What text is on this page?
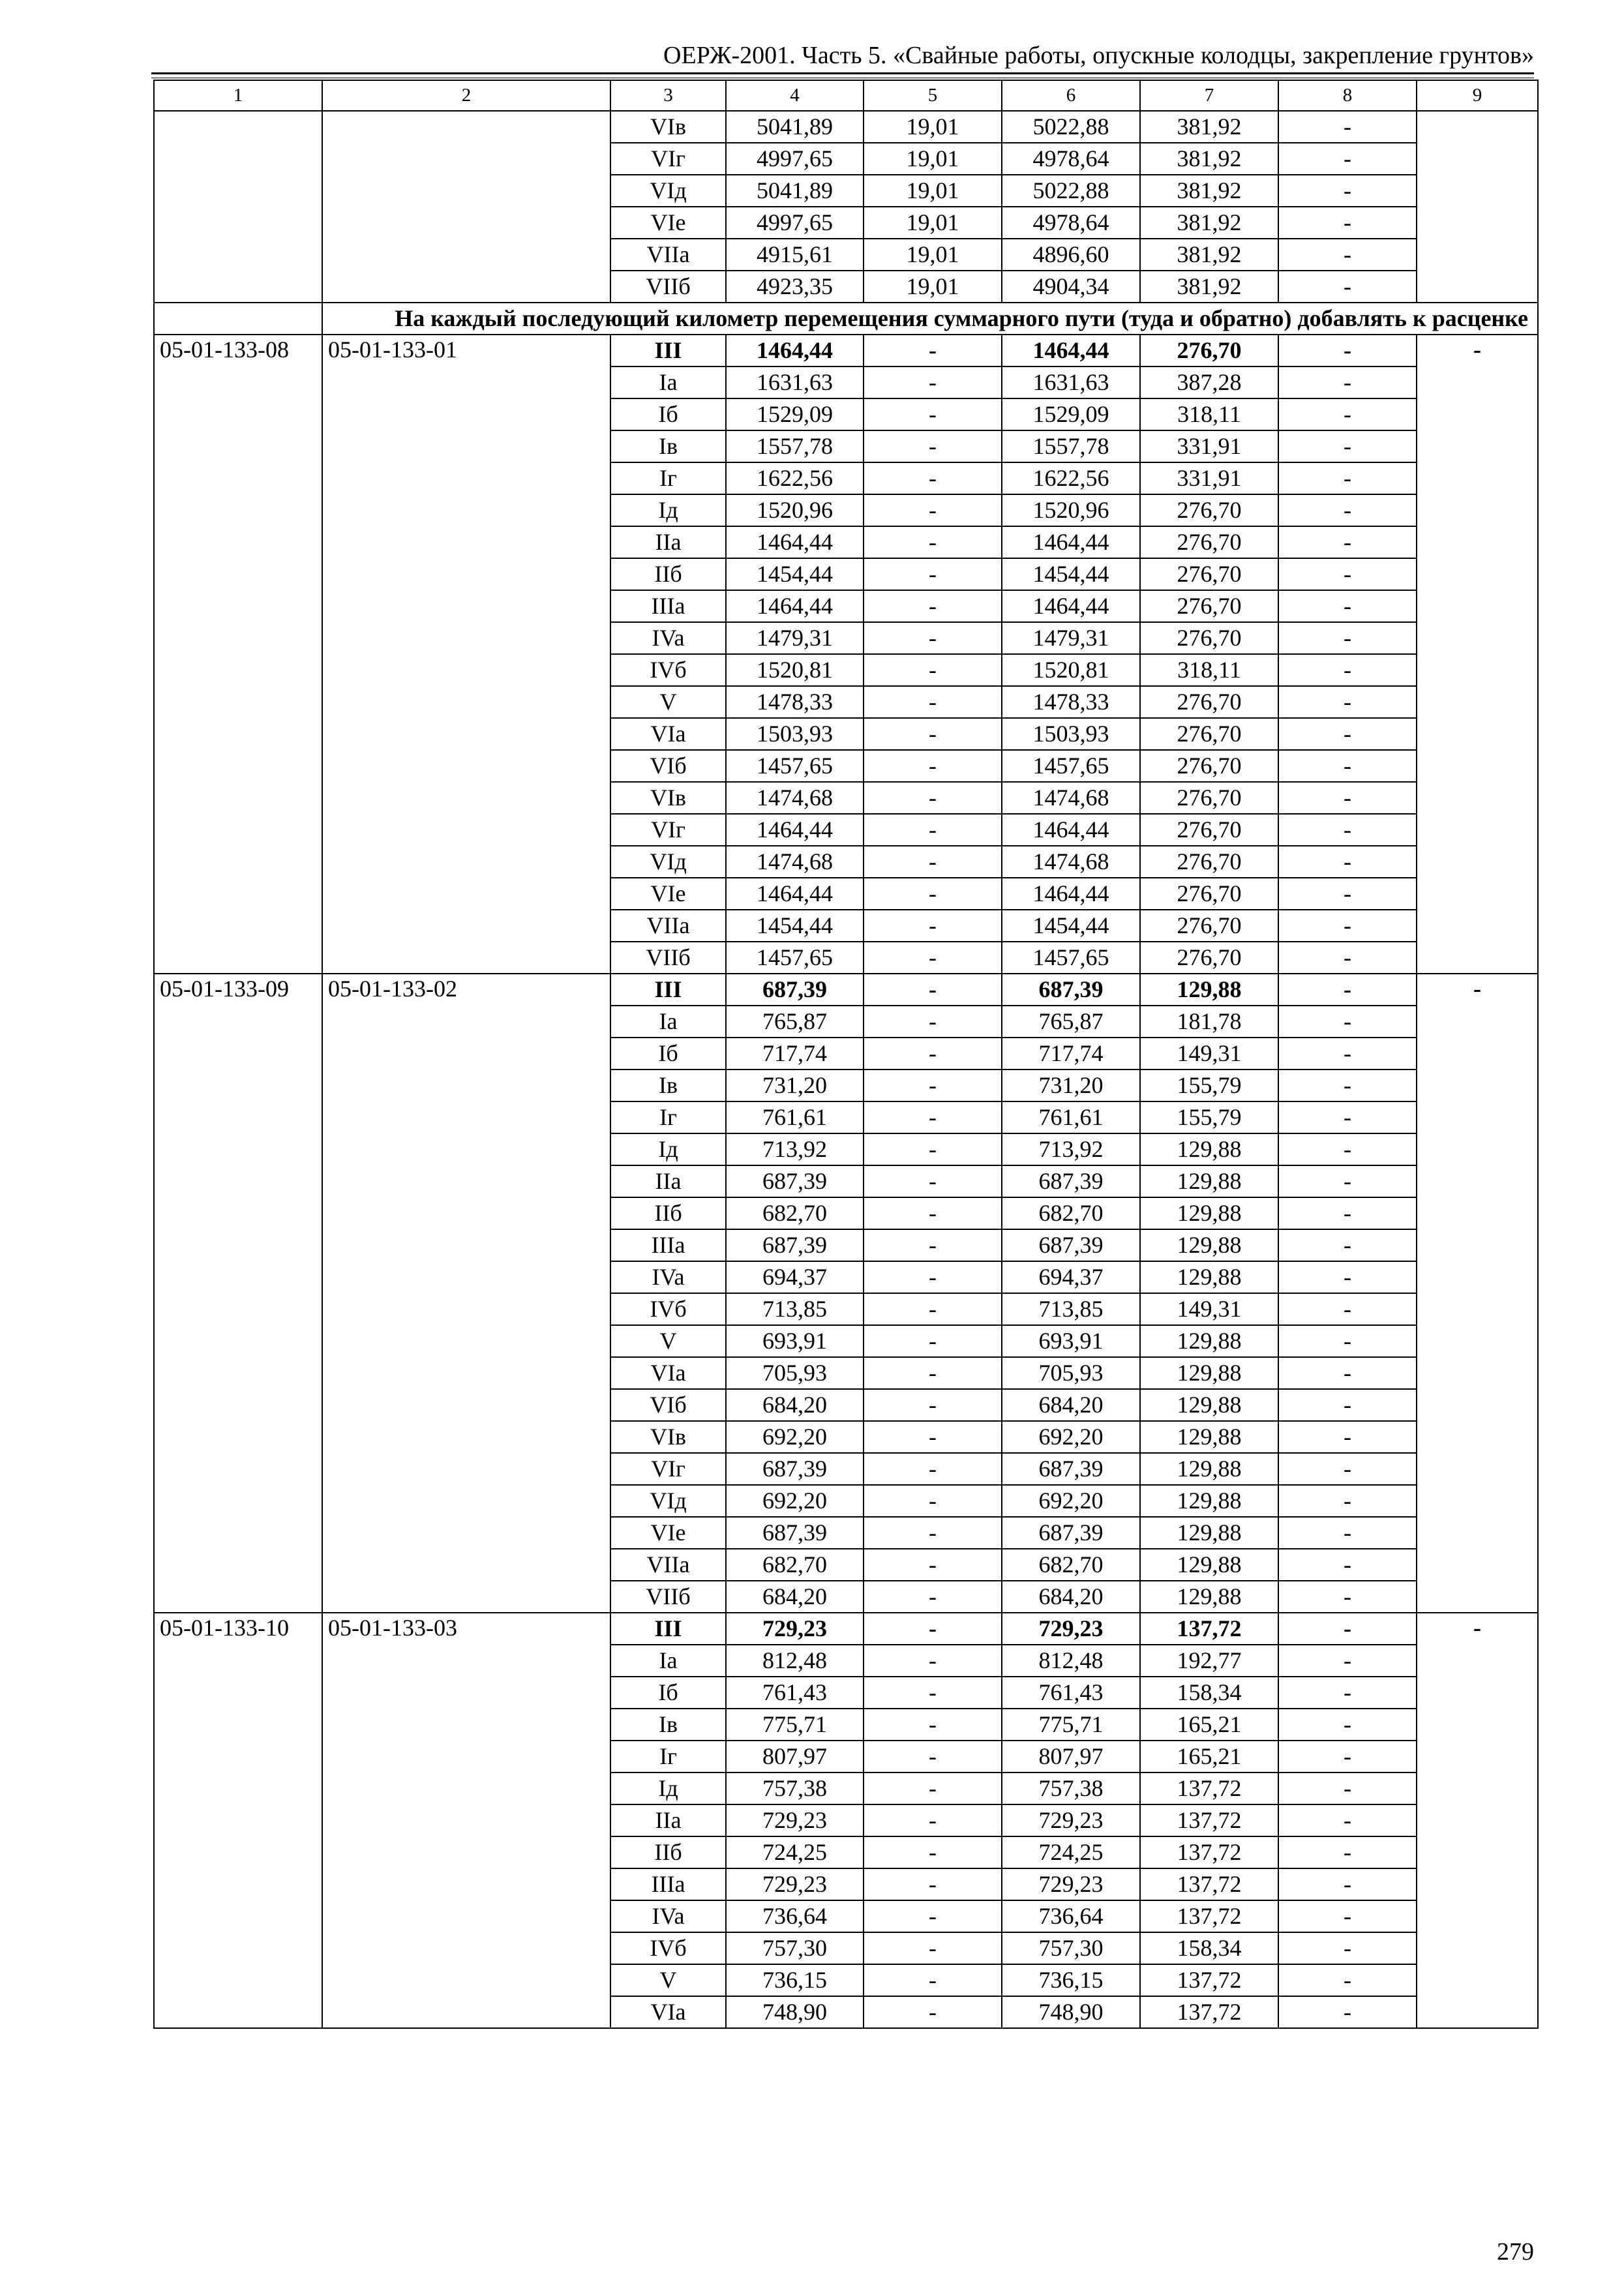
ОЕРЖ-2001. Часть 5. «Свайные работы, опускные колодцы, закрепление грунтов»
1	2	3	4	5	6	7	8	9
		VIв	5041,89	19,01	5022,88	381,92	-	
		VIг	4997,65	19,01	4978,64	381,92	-	
		VIд	5041,89	19,01	5022,88	381,92	-	
		VIe	4997,65	19,01	4978,64	381,92	-	
		VIIa	4915,61	19,01	4896,60	381,92	-	
		VIIб	4923,35	19,01	4904,34	381,92	-	
	На каждый последующий километр перемещения суммарного пути (туда и обратно) добавлять к расценке							
05-01-133-08	05-01-133-01	III	1464,44	-	1464,44	276,70	-	-
		Ia	1631,63	-	1631,63	387,28	-	
		Iб	1529,09	-	1529,09	318,11	-	
		Iв	1557,78	-	1557,78	331,91	-	
		Iг	1622,56	-	1622,56	331,91	-	
		Iд	1520,96	-	1520,96	276,70	-	
		IIa	1464,44	-	1464,44	276,70	-	
		IIб	1454,44	-	1454,44	276,70	-	
		IIIa	1464,44	-	1464,44	276,70	-	
		IVa	1479,31	-	1479,31	276,70	-	
		IVб	1520,81	-	1520,81	318,11	-	
		V	1478,33	-	1478,33	276,70	-	
		VIa	1503,93	-	1503,93	276,70	-	
		VIб	1457,65	-	1457,65	276,70	-	
		VIв	1474,68	-	1474,68	276,70	-	
		VIг	1464,44	-	1464,44	276,70	-	
		VIд	1474,68	-	1474,68	276,70	-	
		VIe	1464,44	-	1464,44	276,70	-	
		VIIa	1454,44	-	1454,44	276,70	-	
		VIIб	1457,65	-	1457,65	276,70	-	
05-01-133-09	05-01-133-02	III	687,39	-	687,39	129,88	-	-
		Ia	765,87	-	765,87	181,78	-	
		Iб	717,74	-	717,74	149,31	-	
		Iв	731,20	-	731,20	155,79	-	
		Iг	761,61	-	761,61	155,79	-	
		Iд	713,92	-	713,92	129,88	-	
		IIa	687,39	-	687,39	129,88	-	
		IIб	682,70	-	682,70	129,88	-	
		IIIa	687,39	-	687,39	129,88	-	
		IVa	694,37	-	694,37	129,88	-	
		IVб	713,85	-	713,85	149,31	-	
		V	693,91	-	693,91	129,88	-	
		VIa	705,93	-	705,93	129,88	-	
		VIб	684,20	-	684,20	129,88	-	
		VIв	692,20	-	692,20	129,88	-	
		VIг	687,39	-	687,39	129,88	-	
		VIд	692,20	-	692,20	129,88	-	
		VIe	687,39	-	687,39	129,88	-	
		VIIa	682,70	-	682,70	129,88	-	
		VIIб	684,20	-	684,20	129,88	-	
05-01-133-10	05-01-133-03	III	729,23	-	729,23	137,72	-	-
		Ia	812,48	-	812,48	192,77	-	
		Iб	761,43	-	761,43	158,34	-	
		Iв	775,71	-	775,71	165,21	-	
		Iг	807,97	-	807,97	165,21	-	
		Iд	757,38	-	757,38	137,72	-	
		IIa	729,23	-	729,23	137,72	-	
		IIб	724,25	-	724,25	137,72	-	
		IIIa	729,23	-	729,23	137,72	-	
		IVa	736,64	-	736,64	137,72	-	
		IVб	757,30	-	757,30	158,34	-	
		V	736,15	-	736,15	137,72	-	
		VIa	748,90	-	748,90	137,72	-	
279
